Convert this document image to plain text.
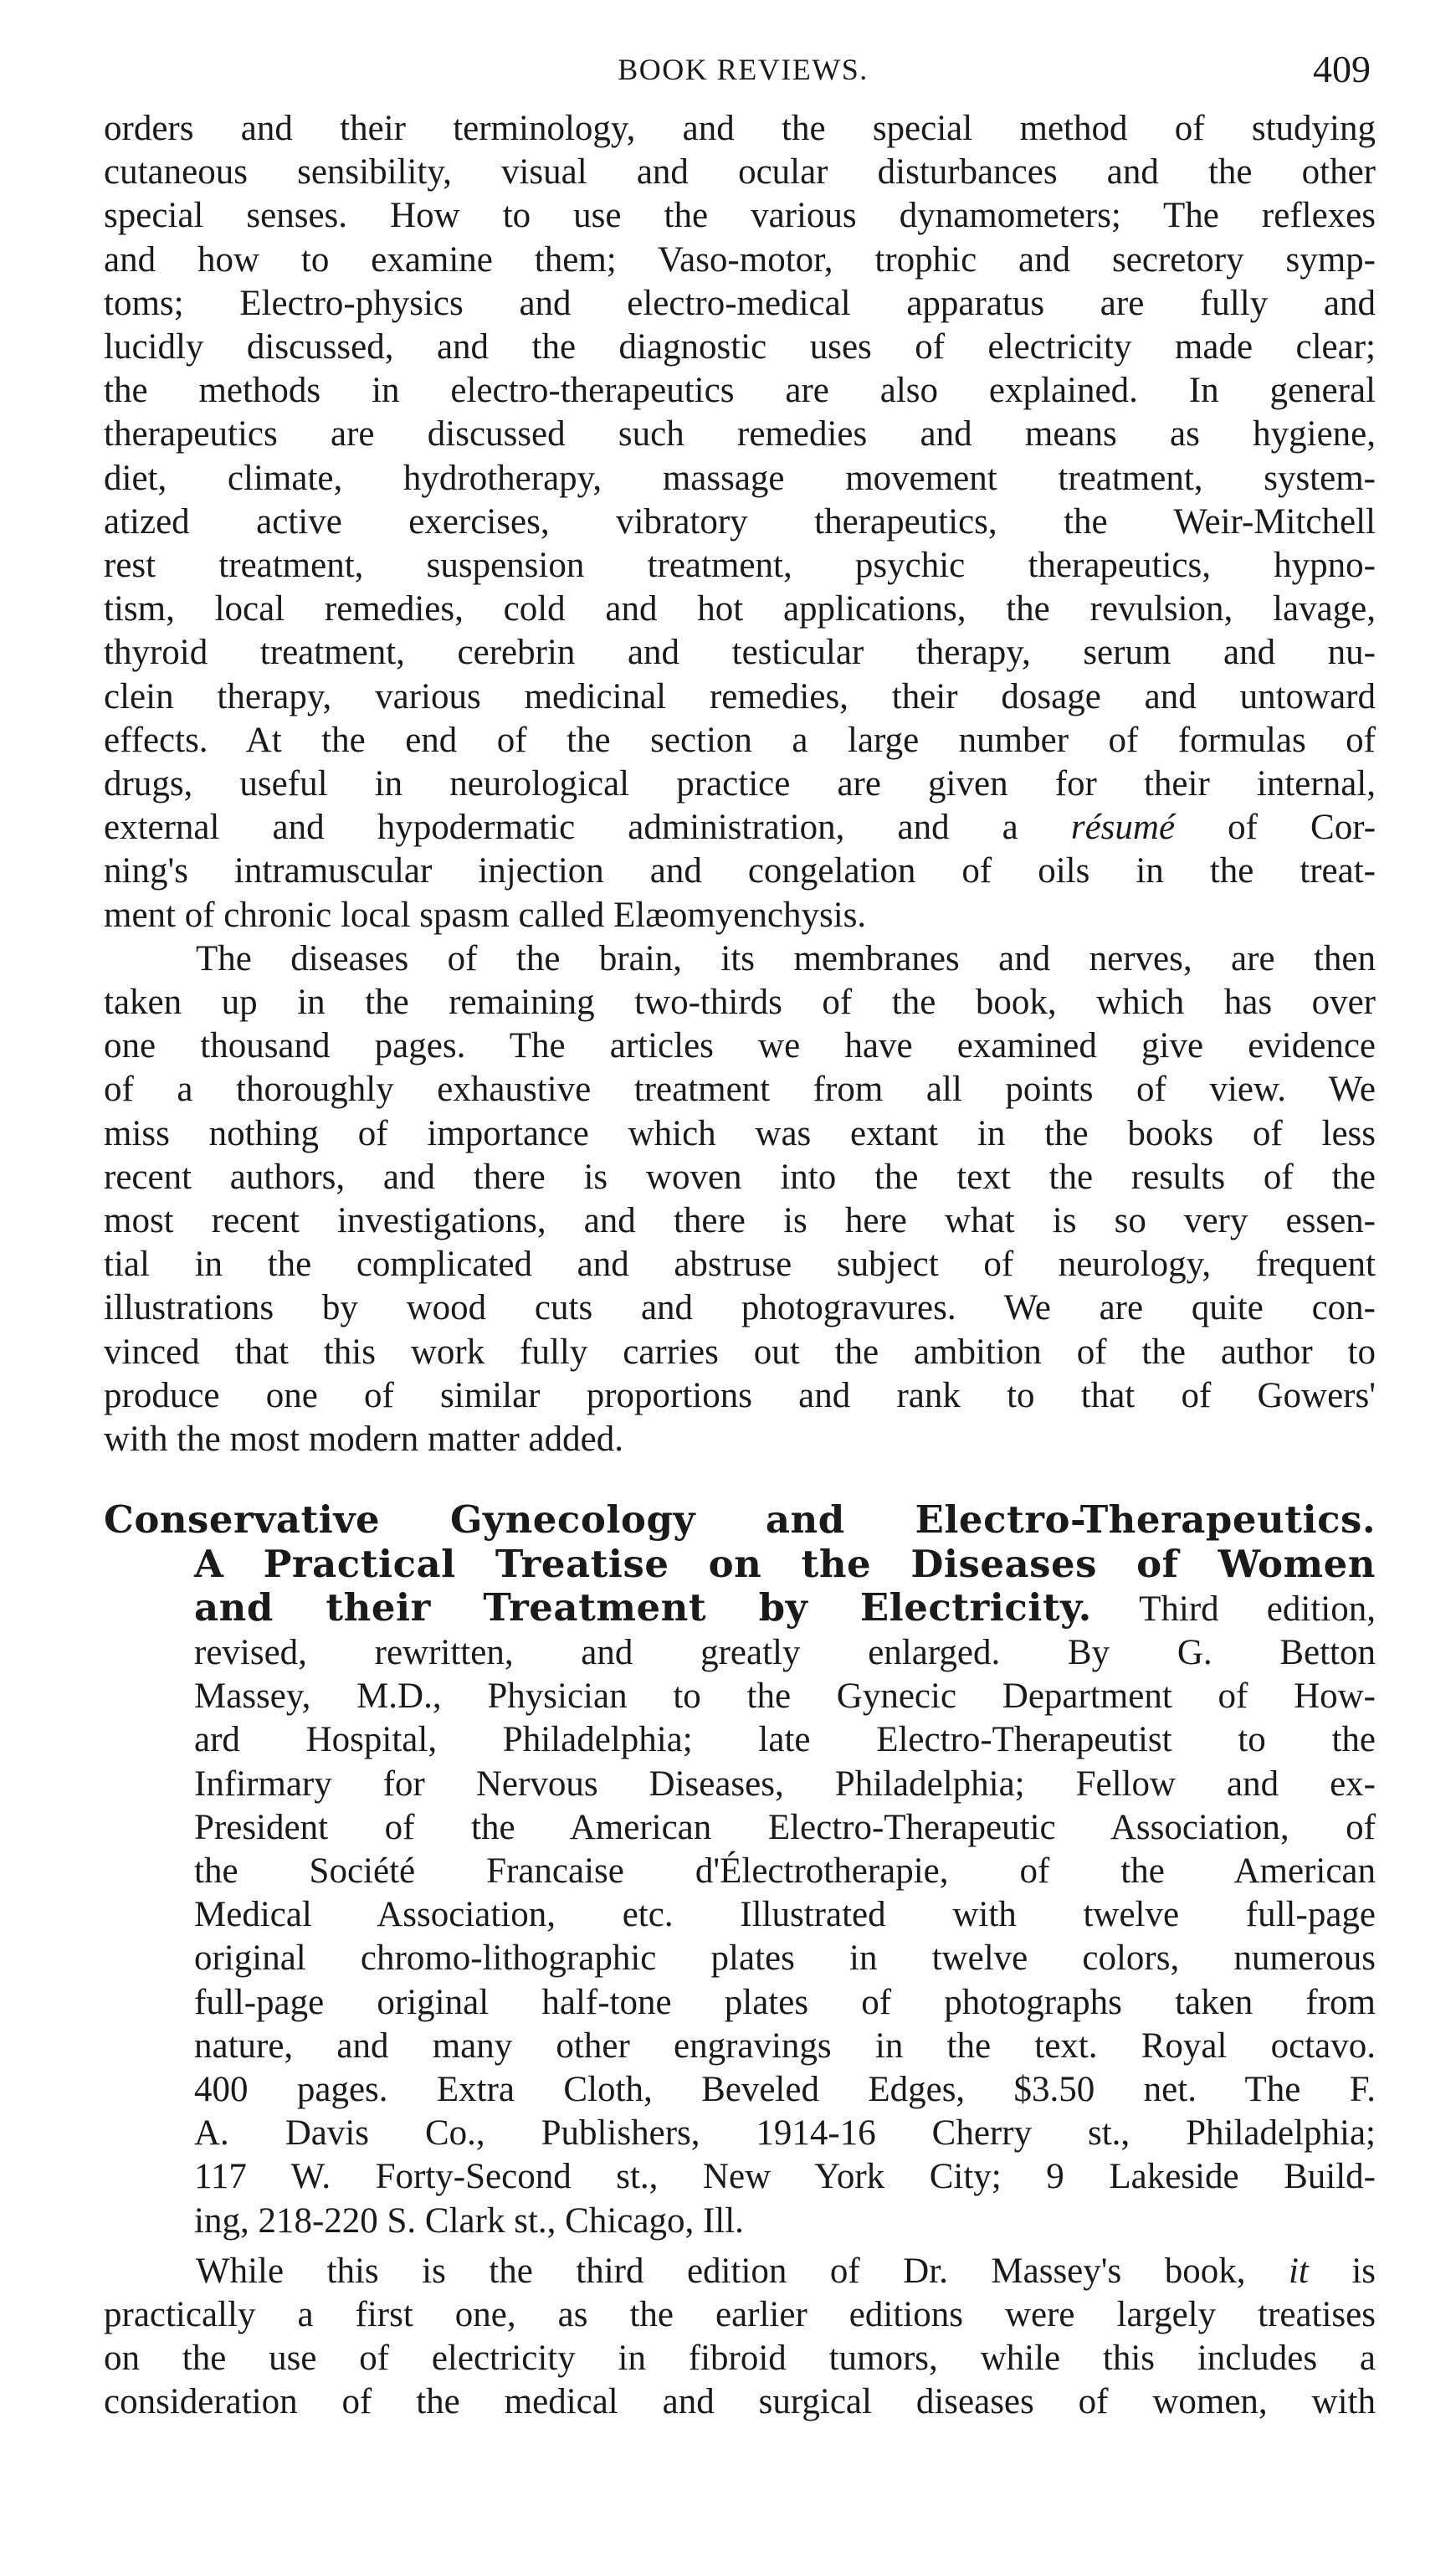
BOOK REVIEWS.	409
orders and their terminology, and the special method of studying
cutaneous sensibility, visual and ocular disturbances and the other
special senses. How to use the various dynamometers; The reflexes
and how to examine them; Vaso-motor, trophic and secretory symp-
toms; Electro-physics and electro-medical apparatus are fully and
lucidly discussed, and the diagnostic uses of electricity made clear;
the methods in electro-therapeutics are also explained. In general
therapeutics are discussed such remedies and means as hygiene,
diet, climate, hydrotherapy, massage movement treatment, system-
atized active exercises, vibratory therapeutics, the Weir-Mitchell
rest treatment, suspension treatment, psychic therapeutics, hypno-
tism, local remedies, cold and hot applications, the revulsion, lavage,
thyroid treatment, cerebrin and testicular therapy, serum and nu-
clein therapy, various medicinal remedies, their dosage and untoward
effects. At the end of the section a large number of formulas of
drugs, useful in neurological practice are given for their internal,
external and hypodermatic administration, and a résumé of Cor-
ning's intramuscular injection and congelation of oils in the treat-
ment of chronic local spasm called Elæomyenchysis.
The diseases of the brain, its membranes and nerves, are then
taken up in the remaining two-thirds of the book, which has over
one thousand pages. The articles we have examined give evidence
of a thoroughly exhaustive treatment from all points of view. We
miss nothing of importance which was extant in the books of less
recent authors, and there is woven into the text the results of the
most recent investigations, and there is here what is so very essen-
tial in the complicated and abstruse subject of neurology, frequent
illustrations by wood cuts and photogravures. We are quite con-
vinced that this work fully carries out the ambition of the author to
produce one of similar proportions and rank to that of Gowers'
with the most modern matter added.
Conservative Gynecology and Electro-Therapeutics.
A Practical Treatise on the Diseases of Women
and their Treatment by Electricity. Third edition,
revised, rewritten, and greatly enlarged. By G. Betton
Massey, M.D., Physician to the Gynecic Department of How-
ard Hospital, Philadelphia; late Electro-Therapeutist to the
Infirmary for Nervous Diseases, Philadelphia; Fellow and ex-
President of the American Electro-Therapeutic Association, of
the Société Francaise d'Électrotherapie, of the American
Medical Association, etc. Illustrated with twelve full-page
original chromo-lithographic plates in twelve colors, numerous
full-page original half-tone plates of photographs taken from
nature, and many other engravings in the text. Royal octavo.
400 pages. Extra Cloth, Beveled Edges, $3.50 net. The F.
A. Davis Co., Publishers, 1914-16 Cherry st., Philadelphia;
117 W. Forty-Second st., New York City; 9 Lakeside Build-
ing, 218-220 S. Clark st., Chicago, Ill.
While this is the third edition of Dr. Massey's book, it is
practically a first one, as the earlier editions were largely treatises
on the use of electricity in fibroid tumors, while this includes a
consideration of the medical and surgical diseases of women, with
